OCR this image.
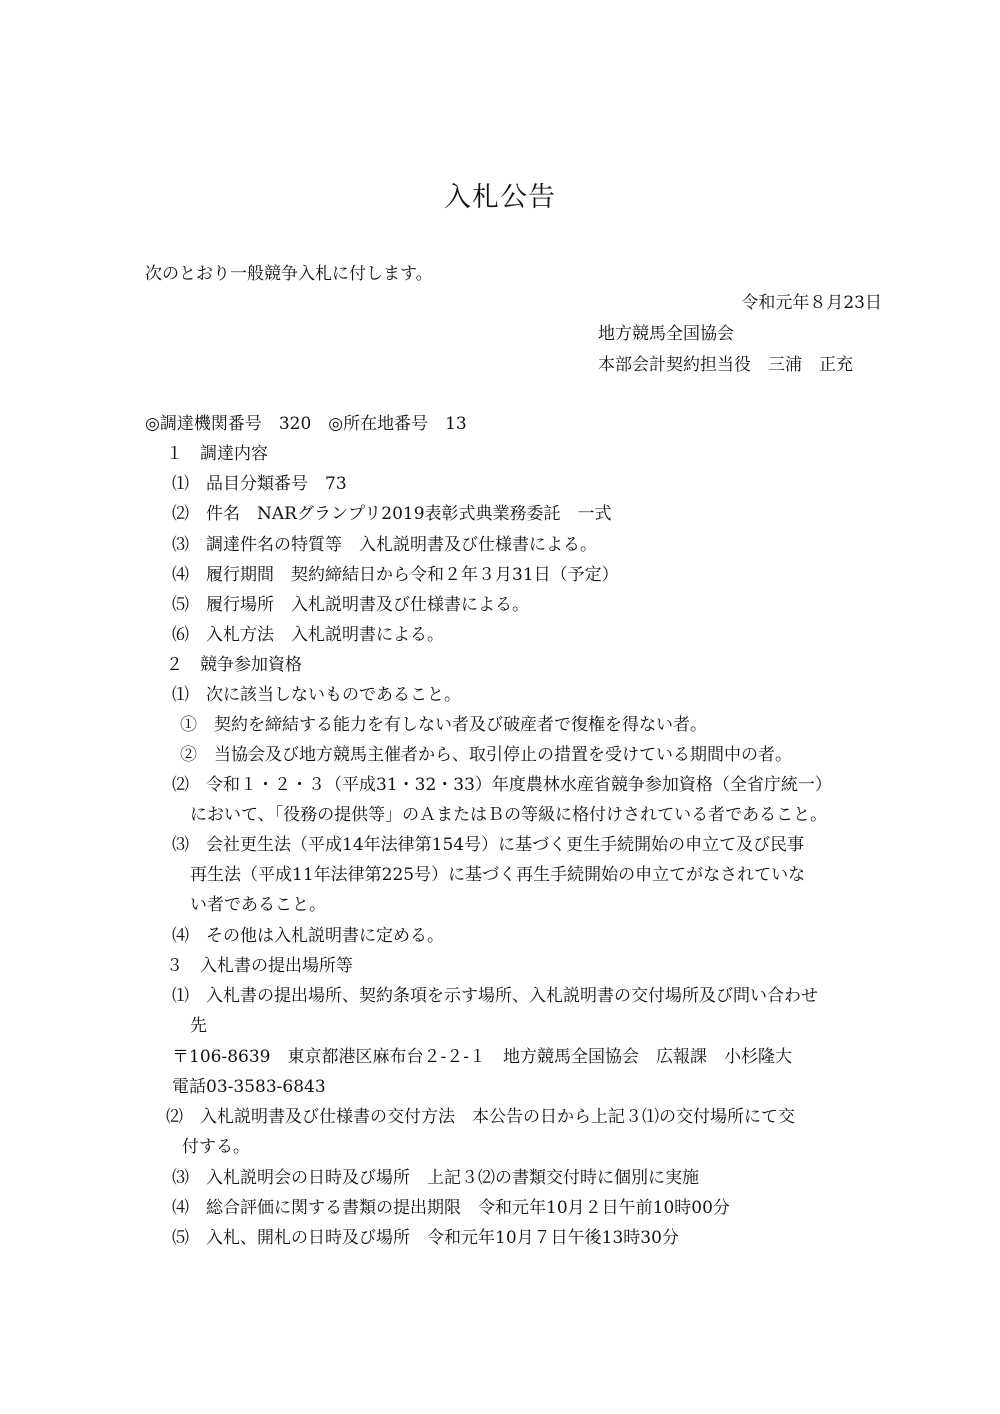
入札公告
次のとおり一般競争入札に付します。
令和元年８月23日
地方競馬全国協会
本部会計契約担当役　三浦　正充
◎調達機関番号　320　◎所在地番号　13
１　調達内容
⑴　品目分類番号　73
⑵　件名　NARグランプリ2019表彰式典業務委託　一式
⑶　調達件名の特質等　入札説明書及び仕様書による。
⑷　履行期間　契約締結日から令和２年３月31日（予定）
⑸　履行場所　入札説明書及び仕様書による。
⑹　入札方法　入札説明書による。
２　競争参加資格
⑴　次に該当しないものであること。
①　契約を締結する能力を有しない者及び破産者で復権を得ない者。
②　当協会及び地方競馬主催者から、取引停止の措置を受けている期間中の者。
⑵　令和１・２・３（平成31・32・33）年度農林水産省競争参加資格（全省庁統一）
において、「役務の提供等」のＡまたはＢの等級に格付けされている者であること。
⑶　会社更生法（平成14年法律第154号）に基づく更生手続開始の申立て及び民事
再生法（平成11年法律第225号）に基づく再生手続開始の申立てがなされていな
い者であること。
⑷　その他は入札説明書に定める。
３　入札書の提出場所等
⑴　入札書の提出場所、契約条項を示す場所、入札説明書の交付場所及び問い合わせ
先
〒106-8639　東京都港区麻布台２‐２‐１　地方競馬全国協会　広報課　小杉隆大
電話03‐3583‐6843
⑵　入札説明書及び仕様書の交付方法　本公告の日から上記３⑴の交付場所にて交
付する。
⑶　入札説明会の日時及び場所　上記３⑵の書類交付時に個別に実施
⑷　総合評価に関する書類の提出期限　令和元年10月２日午前10時00分
⑸　入札、開札の日時及び場所　令和元年10月７日午後13時30分
